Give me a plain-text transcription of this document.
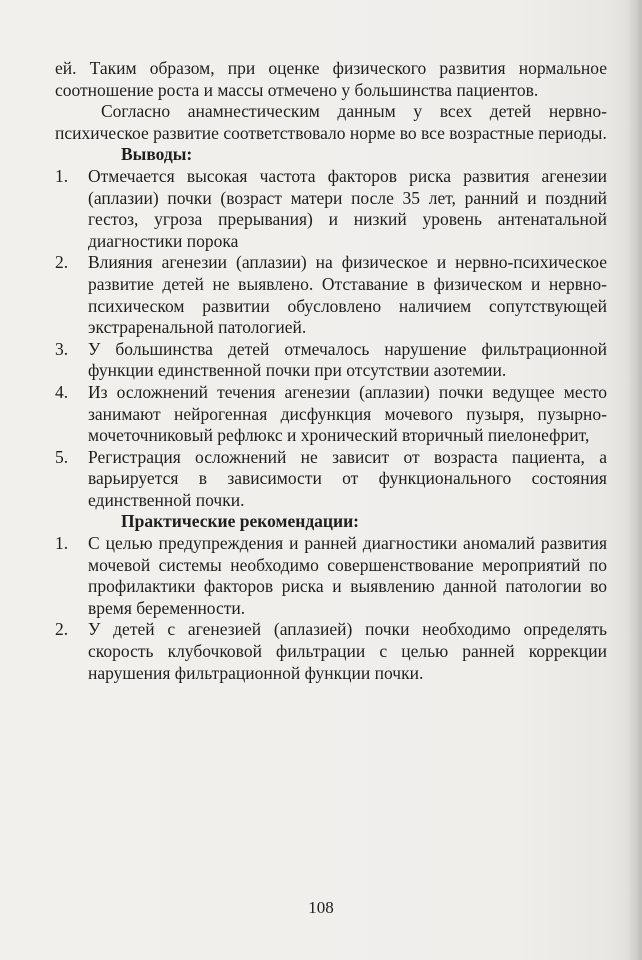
ей. Таким образом, при оценке физического развития нормальное соотношение роста и массы отмечено у большинства пациентов.

Согласно анамнестическим данным у всех детей нервно-психическое развитие соответствовало норме во все возрастные периоды.

Выводы:

1. Отмечается высокая частота факторов риска развития агенезии (аплазии) почки (возраст матери после 35 лет, ранний и поздний гестоз, угроза прерывания) и низкий уровень антенатальной диагностики порока
2. Влияния агенезии (аплазии) на физическое и нервно-психическое развитие детей не выявлено. Отставание в физическом и нервно-психическом развитии обусловлено наличием сопутствующей экстраренальной патологией.
3. У большинства детей отмечалось нарушение фильтрационной функции единственной почки при отсутствии азотемии.
4. Из осложнений течения агенезии (аплазии) почки ведущее место занимают нейрогенная дисфункция мочевого пузыря, пузырно-мочеточниковый рефлюкс и хронический вторичный пиелонефрит,
5. Регистрация осложнений не зависит от возраста пациента, а варьируется в зависимости от функционального состояния единственной почки.

Практические рекомендации:

1. С целью предупреждения и ранней диагностики аномалий развития мочевой системы необходимо совершенствование мероприятий по профилактики факторов риска и выявлению данной патологии во время беременности.
2. У детей с агенезией (аплазией) почки необходимо определять скорость клубочковой фильтрации с целью ранней коррекции нарушения фильтрационной функции почки.
108
